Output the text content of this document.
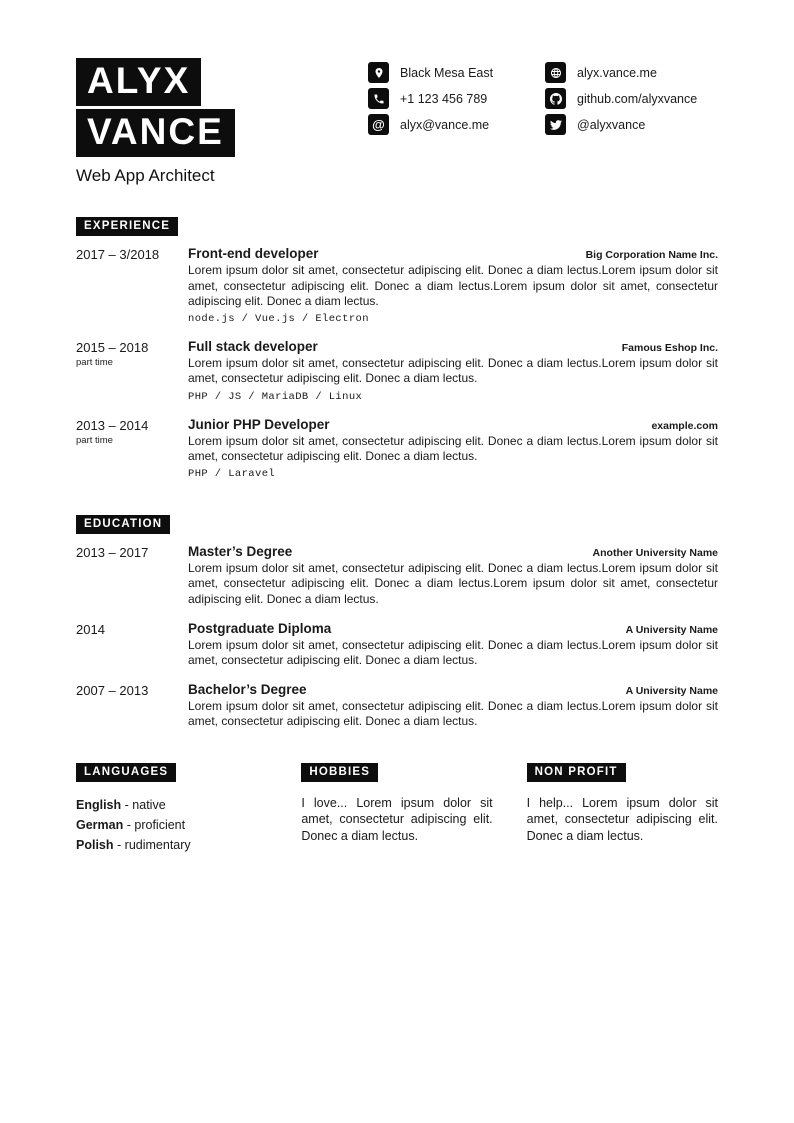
ALYX
VANCE
Web App Architect
Black Mesa East
+1 123 456 789
@ alyx@vance.me
alyx.vance.me
github.com/alyxvance
@alyxvance
EXPERIENCE
2017 – 3/2018	Front-end developer	Big Corporation Name Inc.

Lorem ipsum dolor sit amet, consectetur adipiscing elit. Donec a diam lectus.Lorem ipsum dolor sit amet, consectetur adipiscing elit. Donec a diam lectus.Lorem ipsum dolor sit amet, consectetur adipiscing elit. Donec a diam lectus.

node.js / Vue.js / Electron
2015 – 2018
part time
Full stack developer	Famous Eshop Inc.

Lorem ipsum dolor sit amet, consectetur adipiscing elit. Donec a diam lectus.Lorem ipsum dolor sit amet, consectetur adipiscing elit. Donec a diam lectus.

PHP / JS / MariaDB / Linux
2013 – 2014
part time
Junior PHP Developer	example.com

Lorem ipsum dolor sit amet, consectetur adipiscing elit. Donec a diam lectus.Lorem ipsum dolor sit amet, consectetur adipiscing elit. Donec a diam lectus.

PHP / Laravel
EDUCATION
2013 – 2017	Master’s Degree	Another University Name

Lorem ipsum dolor sit amet, consectetur adipiscing elit. Donec a diam lectus.Lorem ipsum dolor sit amet, consectetur adipiscing elit. Donec a diam lectus.Lorem ipsum dolor sit amet, consectetur adipiscing elit. Donec a diam lectus.

2014	Postgraduate Diploma	A University Name

Lorem ipsum dolor sit amet, consectetur adipiscing elit. Donec a diam lectus.Lorem ipsum dolor sit amet, consectetur adipiscing elit. Donec a diam lectus.

2007 – 2013	Bachelor’s Degree	A University Name

Lorem ipsum dolor sit amet, consectetur adipiscing elit. Donec a diam lectus.Lorem ipsum dolor sit amet, consectetur adipiscing elit. Donec a diam lectus.

LANGUAGES
English - native
German - proficient
Polish - rudimentary
HOBBIES

I love... Lorem ipsum dolor sit amet, consectetur adipiscing elit. Donec a diam lectus.

NON PROFIT

I help... Lorem ipsum dolor sit amet, consectetur adipiscing elit. Donec a diam lectus.
